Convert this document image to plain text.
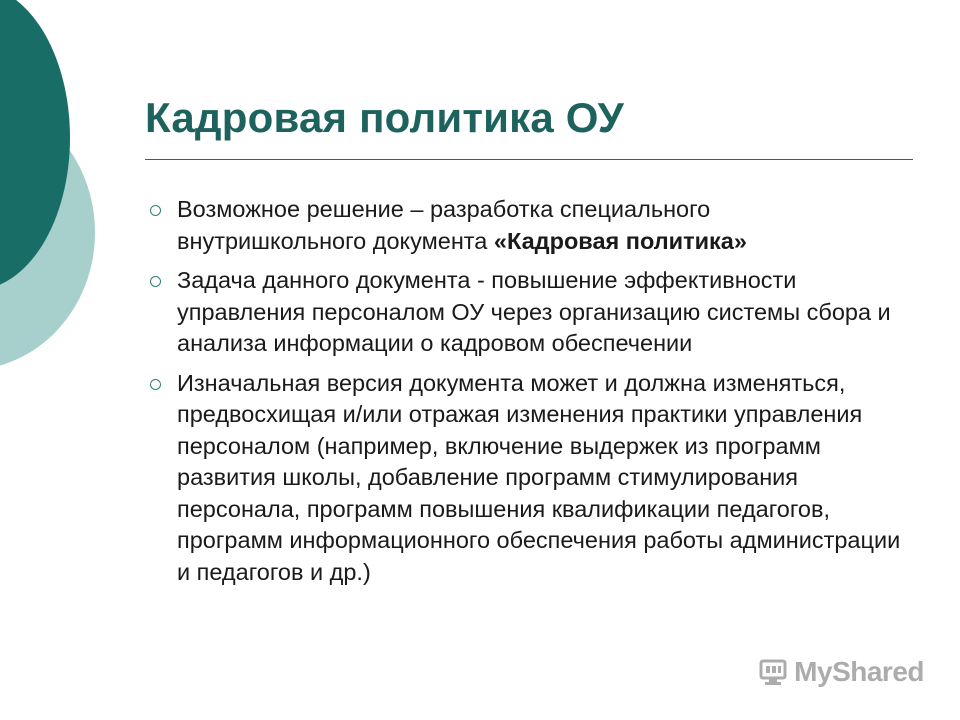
Кадровая политика ОУ
Возможное решение – разработка специального внутришкольного документа «Кадровая политика»
Задача данного документа - повышение эффективности управления персоналом ОУ через организацию системы сбора и анализа информации о кадровом обеспечении
Изначальная версия документа может и должна изменяться, предвосхищая и/или отражая изменения практики управления персоналом (например, включение выдержек из программ развития школы, добавление программ стимулирования персонала, программ повышения квалификации педагогов, программ информационного обеспечения работы администрации и педагогов и др.)
MyShared
